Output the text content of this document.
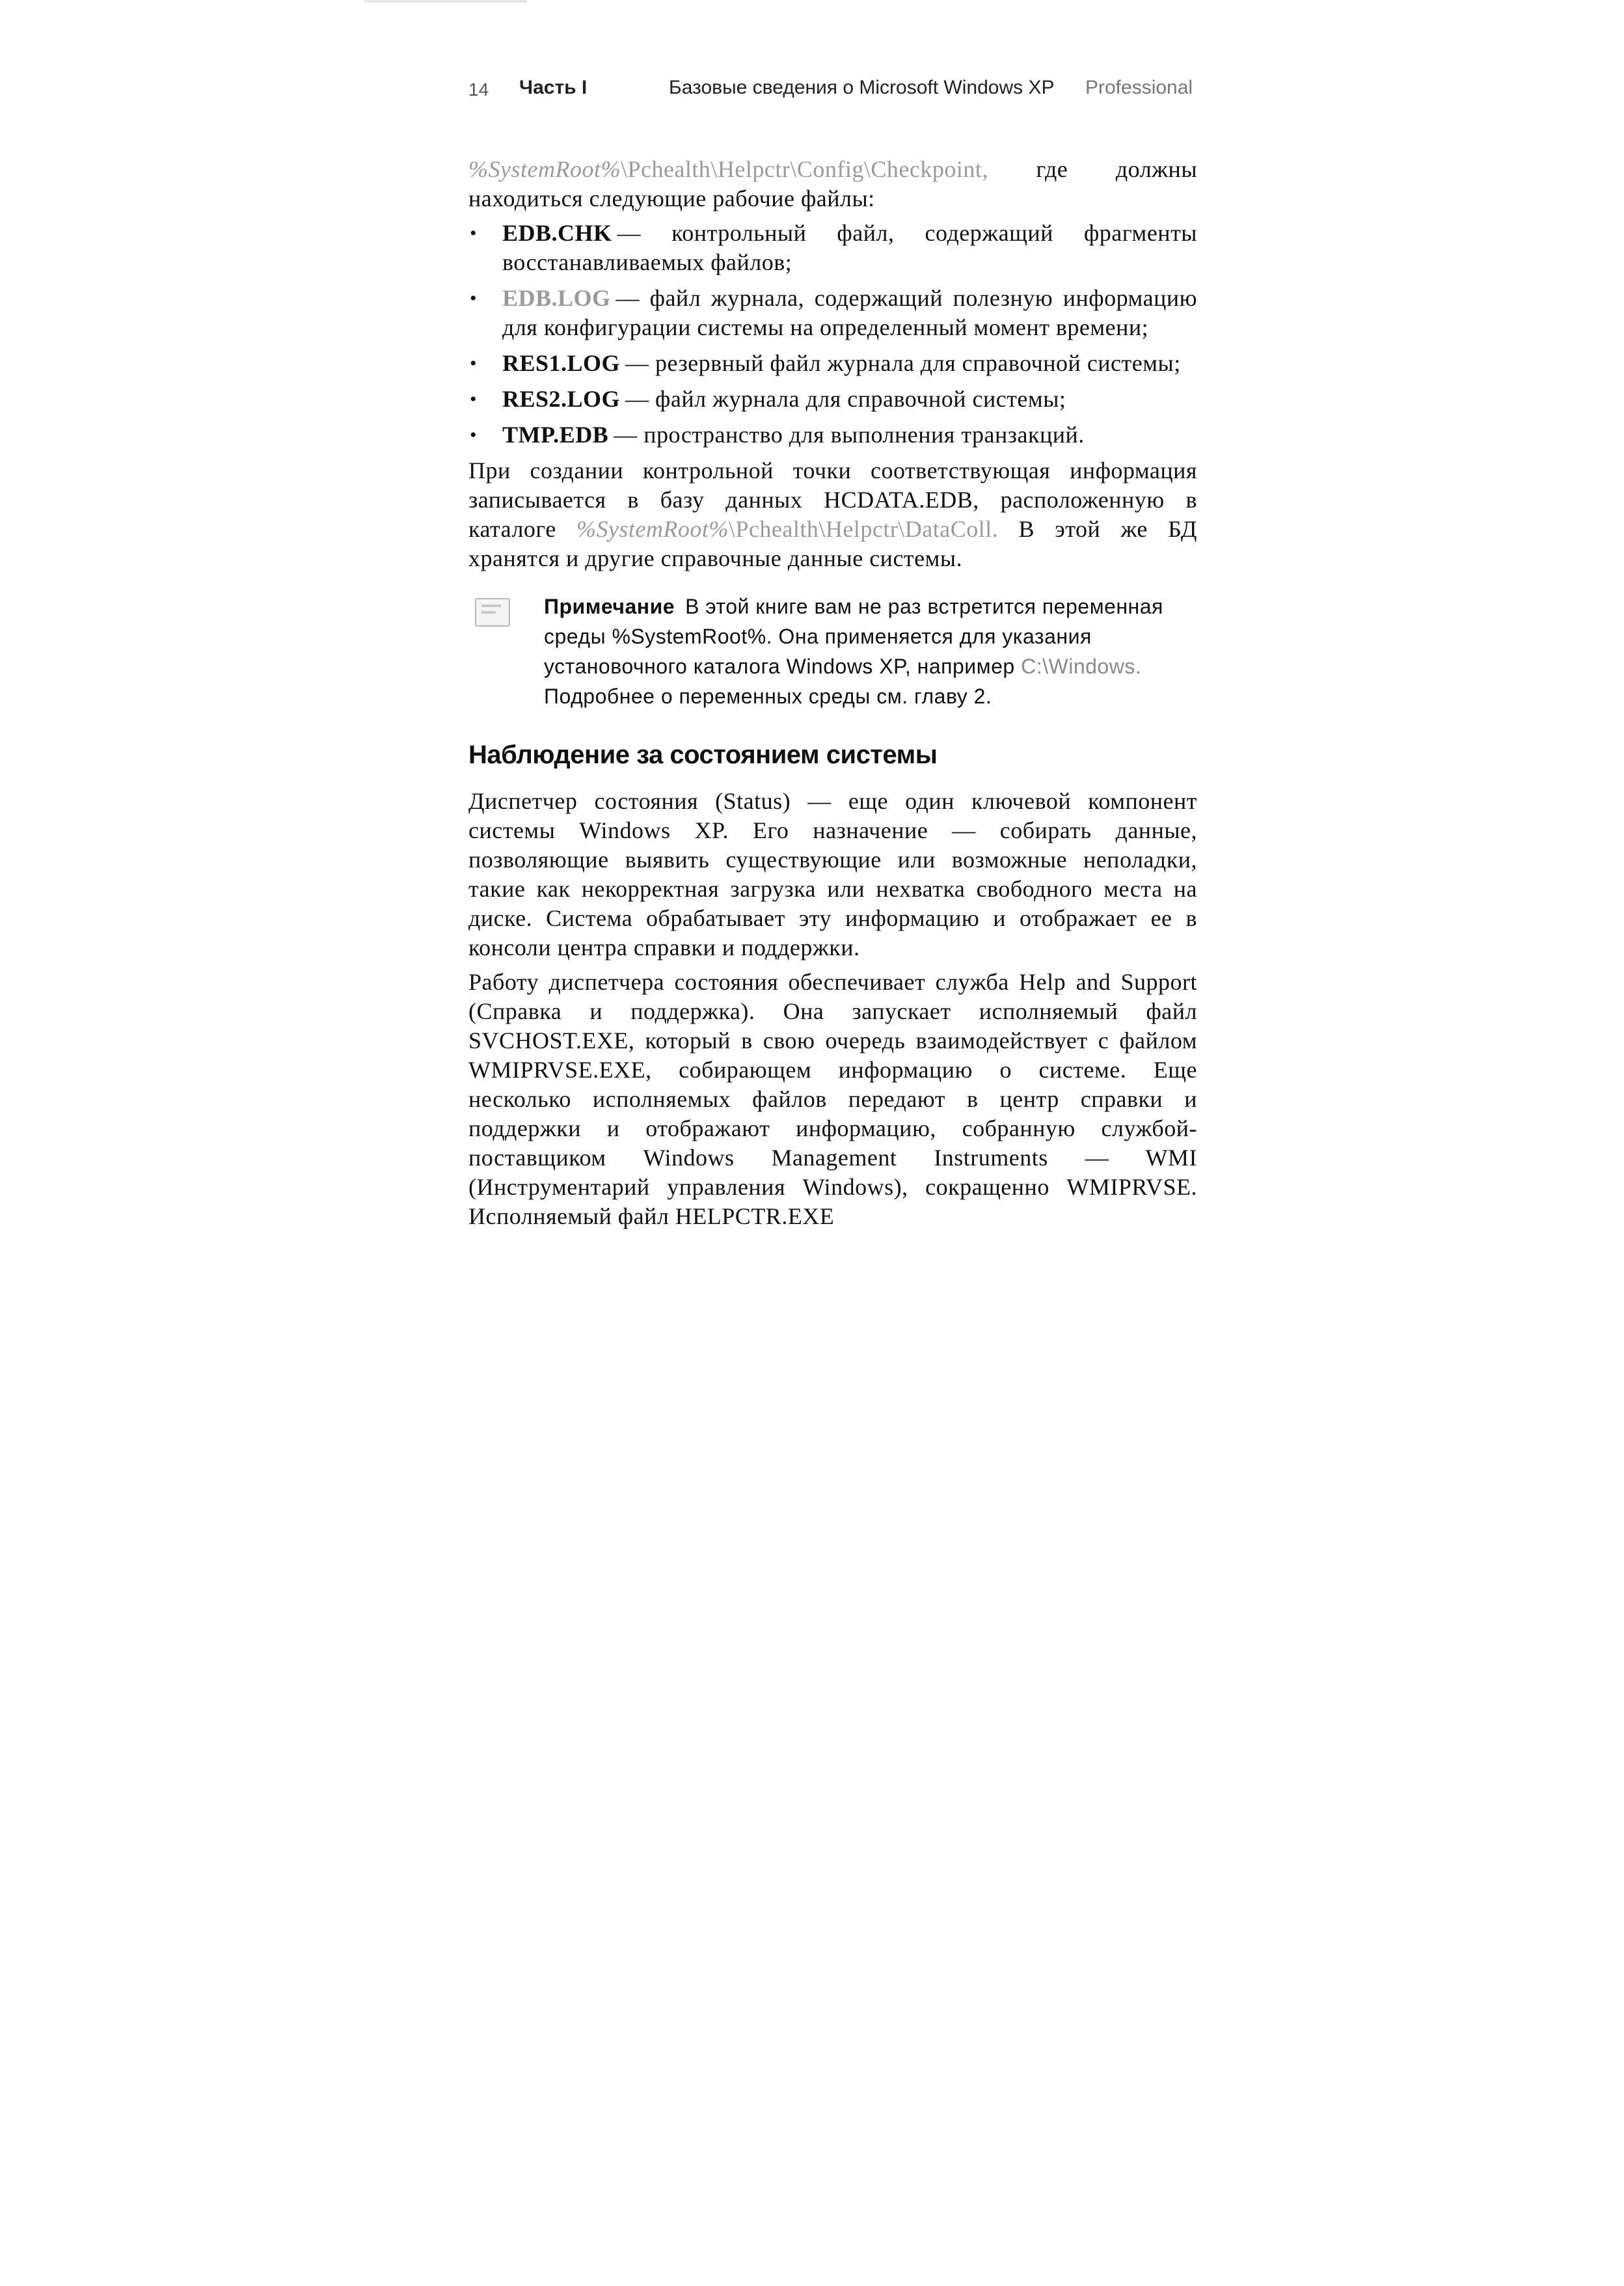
14 Часть I	Базовые сведения о Microsoft Windows XP Professional

%SystemRoot%\Pchealth\Helpctr\Config\Checkpoint, где должны находиться следующие рабочие файлы:

• EDB.CHK — контрольный файл, содержащий фрагменты восстанавливаемых файлов;
• EDB.LOG — файл журнала, содержащий полезную информацию для конфигурации системы на определенный момент времени;
• RES1.LOG — резервный файл журнала для справочной системы;
• RES2.LOG — файл журнала для справочной системы;
• TMP.EDB — пространство для выполнения транзакций.

При создании контрольной точки соответствующая информация записывается в базу данных HCDATA.EDB, расположенную в каталоге %SystemRoot%\Pchealth\Helpctr\DataColl. В этой же БД хранятся и другие справочные данные системы.

Примечание В этой книге вам не раз встретится переменная среды %SystemRoot%. Она применяется для указания установочного каталога Windows XP, например C:\Windows. Подробнее о переменных среды см. главу 2.
Наблюдение за состоянием системы

Диспетчер состояния (Status) — еще один ключевой компонент системы Windows XP. Его назначение — собирать данные, позволяющие выявить существующие или возможные неполадки, такие как некорректная загрузка или нехватка свободного места на диске. Система обрабатывает эту информацию и отображает ее в консоли центра справки и поддержки.

Работу диспетчера состояния обеспечивает служба Help and Support (Справка и поддержка). Она запускает исполняемый файл SVCHOST.EXE, который в свою очередь взаимодействует с файлом WMIPRVSE.EXE, собирающем информацию о системе. Еще несколько исполняемых файлов передают в центр справки и поддержки и отображают информацию, собранную службой-поставщиком Windows Management Instruments — WMI (Инструментарий управления Windows), сокращенно WMIPRVSE. Исполняемый файл HELPCTR.EXE
